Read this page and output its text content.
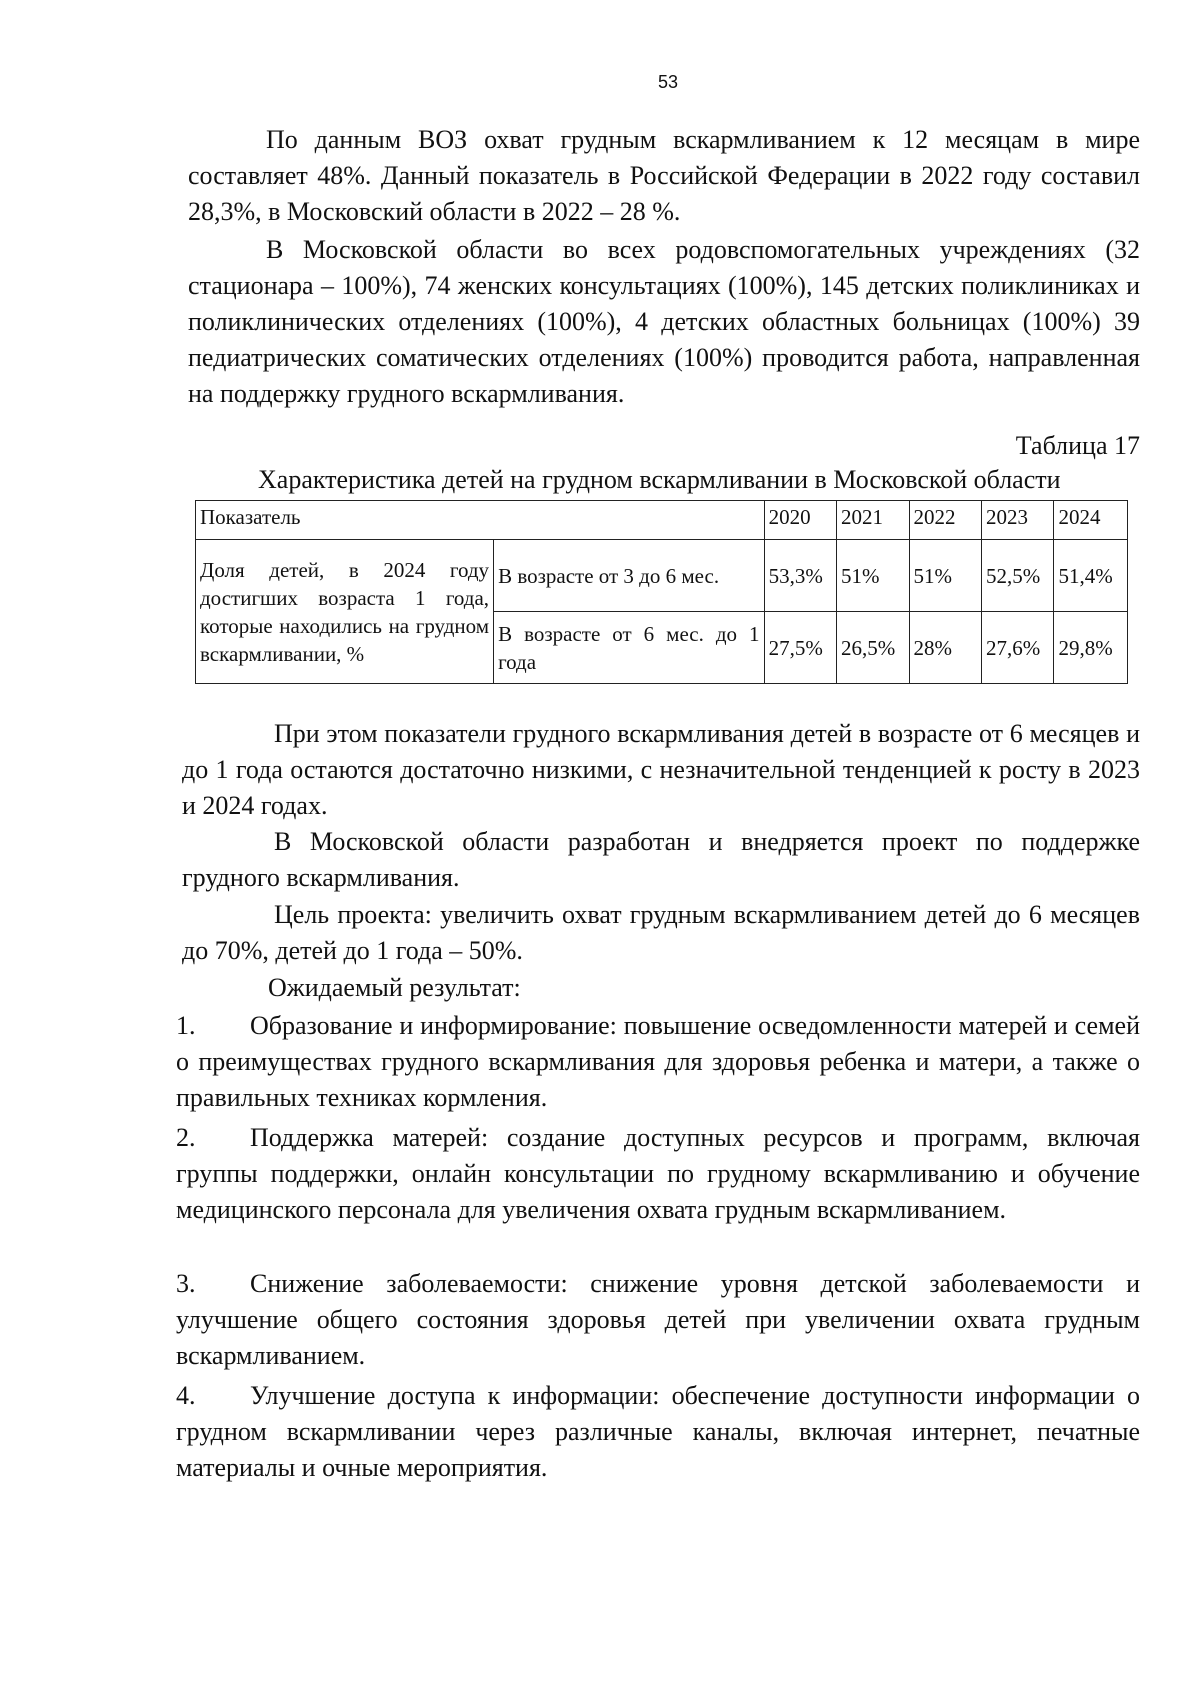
53
По данным ВОЗ охват грудным вскармливанием к 12 месяцам в мире составляет 48%. Данный показатель в Российской Федерации в 2022 году составил 28,3%, в Московский области в 2022 – 28 %.
В Московской области во всех родовспомогательных учреждениях (32 стационара – 100%), 74 женских консультациях (100%), 145 детских поликлиниках и поликлинических отделениях (100%), 4 детских областных больницах (100%) 39 педиатрических соматических отделениях (100%) проводится работа, направленная на поддержку грудного вскармливания.
Таблица 17
Характеристика детей на грудном вскармливании в Московской области
Показатель		2020	2021	2022	2023	2024
Доля детей, в 2024 году достигших возраста 1 года, которые находились на грудном вскармливании, %	В возрасте от 3 до 6 мес.	53,3%	51%	51%	52,5%	51,4%
	В возрасте от 6 мес. до 1 года	27,5%	26,5%	28%	27,6%	29,8%
При этом показатели грудного вскармливания детей в возрасте от 6 месяцев и до 1 года остаются достаточно низкими, с незначительной тенденцией к росту в 2023 и 2024 годах.
В Московской области разработан и внедряется проект по поддержке грудного вскармливания.
Цель проекта: увеличить охват грудным вскармливанием детей до 6 месяцев до 70%, детей до 1 года – 50%.
Ожидаемый результат:
1. Образование и информирование: повышение осведомленности матерей и семей о преимуществах грудного вскармливания для здоровья ребенка и матери, а также о правильных техниках кормления.
2. Поддержка матерей: создание доступных ресурсов и программ, включая группы поддержки, онлайн консультации по грудному вскармливанию и обучение медицинского персонала для увеличения охвата грудным вскармливанием.
3. Снижение заболеваемости: снижение уровня детской заболеваемости и улучшение общего состояния здоровья детей при увеличении охвата грудным вскармливанием.
4. Улучшение доступа к информации: обеспечение доступности информации о грудном вскармливании через различные каналы, включая интернет, печатные материалы и очные мероприятия.
